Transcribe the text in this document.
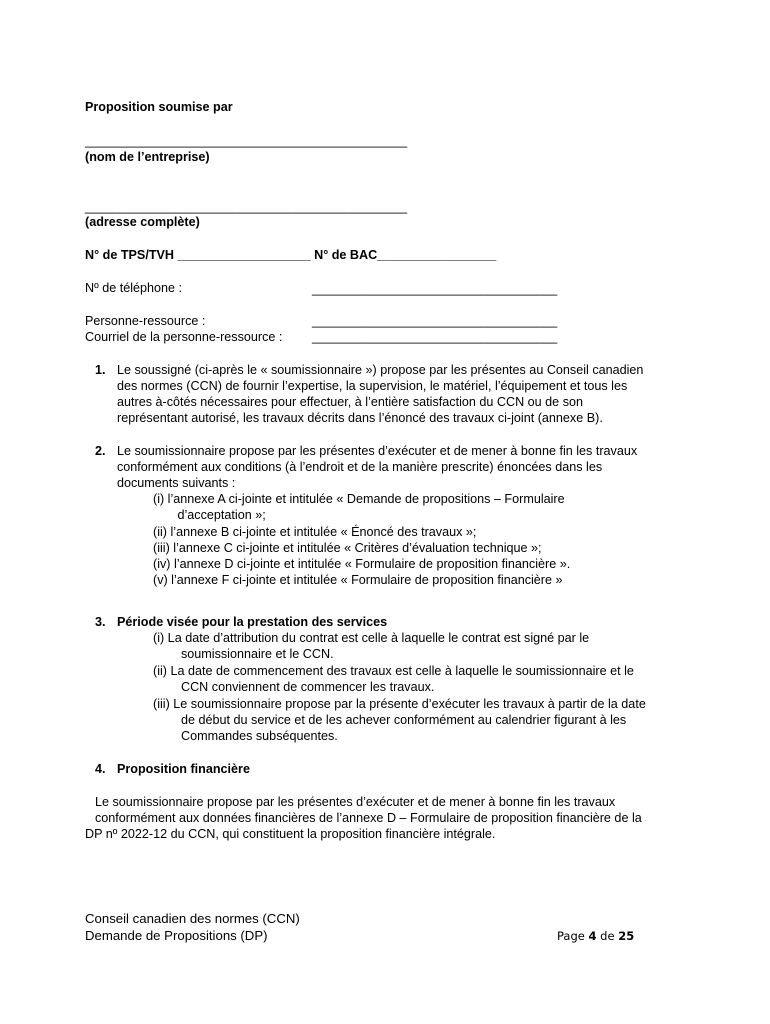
Proposition soumise par
______________________________________________
(nom de l’entreprise)
______________________________________________
(adresse complète)
N° de TPS/TVH ___________________ N° de BAC_________________
Nº de téléphone :	___________________________________
Personne-ressource :	___________________________________
Courriel de la personne-ressource : ___________________________________
1. Le soussigné (ci-après le « soumissionnaire ») propose par les présentes au Conseil canadien
des normes (CCN) de fournir l’expertise, la supervision, le matériel, l’équipement et tous les
autres à-côtés nécessaires pour effectuer, à l’entière satisfaction du CCN ou de son
représentant autorisé, les travaux décrits dans l’énoncé des travaux ci-joint (annexe B).
2. Le soumissionnaire propose par les présentes d’exécuter et de mener à bonne fin les travaux
conformément aux conditions (à l’endroit et de la manière prescrite) énoncées dans les
documents suivants :
(i) l’annexe A ci-jointe et intitulée « Demande de propositions – Formulaire
d’acceptation »;
(ii) l’annexe B ci-jointe et intitulée « Énoncé des travaux »;
(iii) l’annexe C ci-jointe et intitulée « Critères d’évaluation technique »;
(iv) l’annexe D ci-jointe et intitulée « Formulaire de proposition financière ».
(v) l’annexe F ci-jointe et intitulée « Formulaire de proposition financière »
3. Période visée pour la prestation des services
(i) La date d’attribution du contrat est celle à laquelle le contrat est signé par le
soumissionnaire et le CCN.
(ii) La date de commencement des travaux est celle à laquelle le soumissionnaire et le
CCN conviennent de commencer les travaux.
(iii) Le soumissionnaire propose par la présente d’exécuter les travaux à partir de la date
de début du service et de les achever conformément au calendrier figurant à les
Commandes subséquentes.
4. Proposition financière
Le soumissionnaire propose par les présentes d’exécuter et de mener à bonne fin les travaux
conformément aux données financières de l’annexe D – Formulaire de proposition financière de la
DP nº 2022-12 du CCN, qui constituent la proposition financière intégrale.
Conseil canadien des normes (CCN)
Demande de Propositions (DP)	Page 4 de 25
